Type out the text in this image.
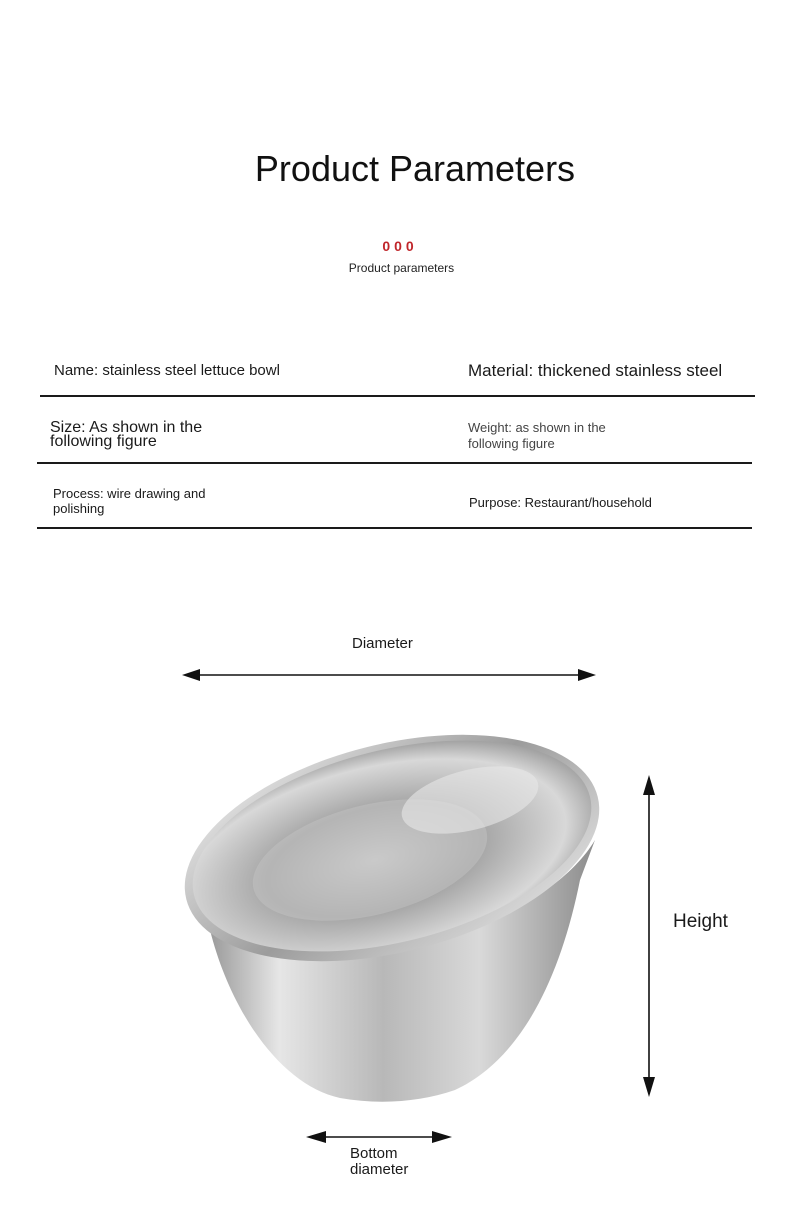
Product Parameters
000
Product parameters
Name: stainless steel lettuce bowl	Material: thickened stainless steel
Size: As shown in the following figure
Weight: as shown in the following figure
Process: wire drawing and polishing	Purpose: Restaurant/household
Diameter
Height
Bottom diameter
